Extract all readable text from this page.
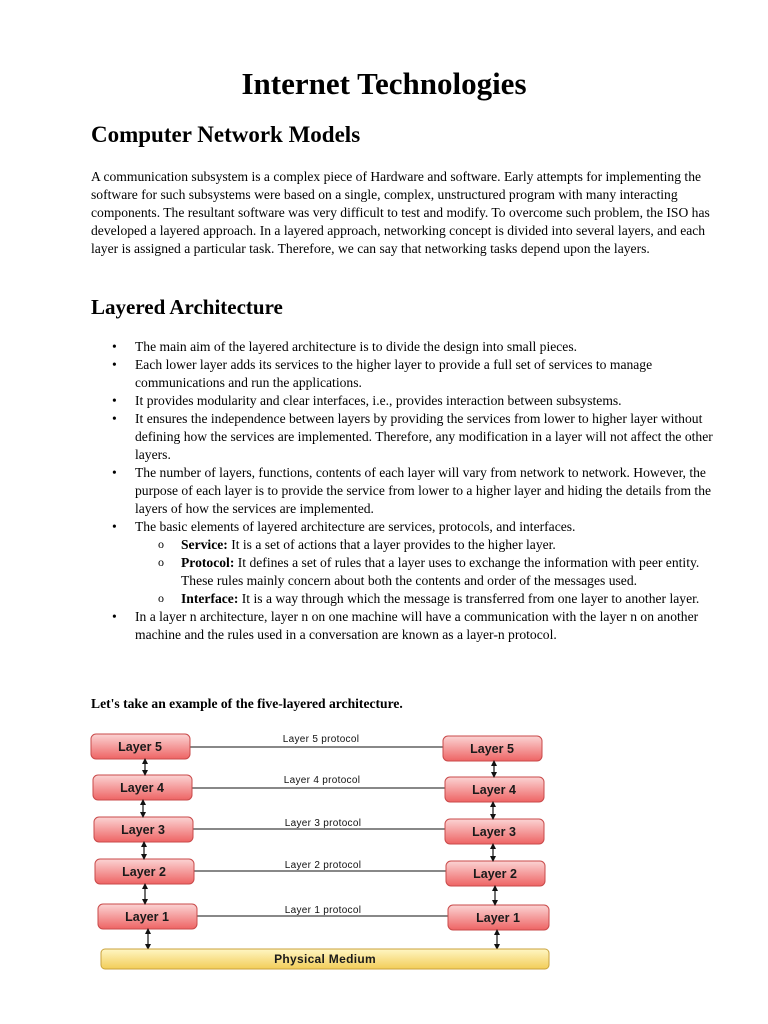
Internet Technologies
Computer Network Models

A communication subsystem is a complex piece of Hardware and software. Early attempts for implementing the software for such subsystems were based on a single, complex, unstructured program with many interacting components. The resultant software was very difficult to test and modify. To overcome such problem, the ISO has developed a layered approach. In a layered approach, networking concept is divided into several layers, and each layer is assigned a particular task. Therefore, we can say that networking tasks depend upon the layers.

Layered Architecture
• The main aim of the layered architecture is to divide the design into small pieces.
• Each lower layer adds its services to the higher layer to provide a full set of services to manage communications and run the applications.
• It provides modularity and clear interfaces, i.e., provides interaction between subsystems.
• It ensures the independence between layers by providing the services from lower to higher layer without defining how the services are implemented. Therefore, any modification in a layer will not affect the other layers.
• The number of layers, functions, contents of each layer will vary from network to network. However, the purpose of each layer is to provide the service from lower to a higher layer and hiding the details from the layers of how the services are implemented.
• The basic elements of layered architecture are services, protocols, and interfaces.
o Service: It is a set of actions that a layer provides to the higher layer.
o Protocol: It defines a set of rules that a layer uses to exchange the information with peer entity. These rules mainly concern about both the contents and order of the messages used.
o Interface: It is a way through which the message is transferred from one layer to another layer.
• In a layer n architecture, layer n on one machine will have a communication with the layer n on another machine and the rules used in a conversation are known as a layer-n protocol.

Let's take an example of the five-layered architecture.

Layer 5 protocol
Layer 5	Layer 5
Layer 4 protocol
Layer 4	Layer 4
Layer 3 protocol
Layer 3	Layer 3
Layer 2 protocol
Layer 2	Layer 2
Layer 1 protocol
Layer 1	Layer 1
Physical Medium
